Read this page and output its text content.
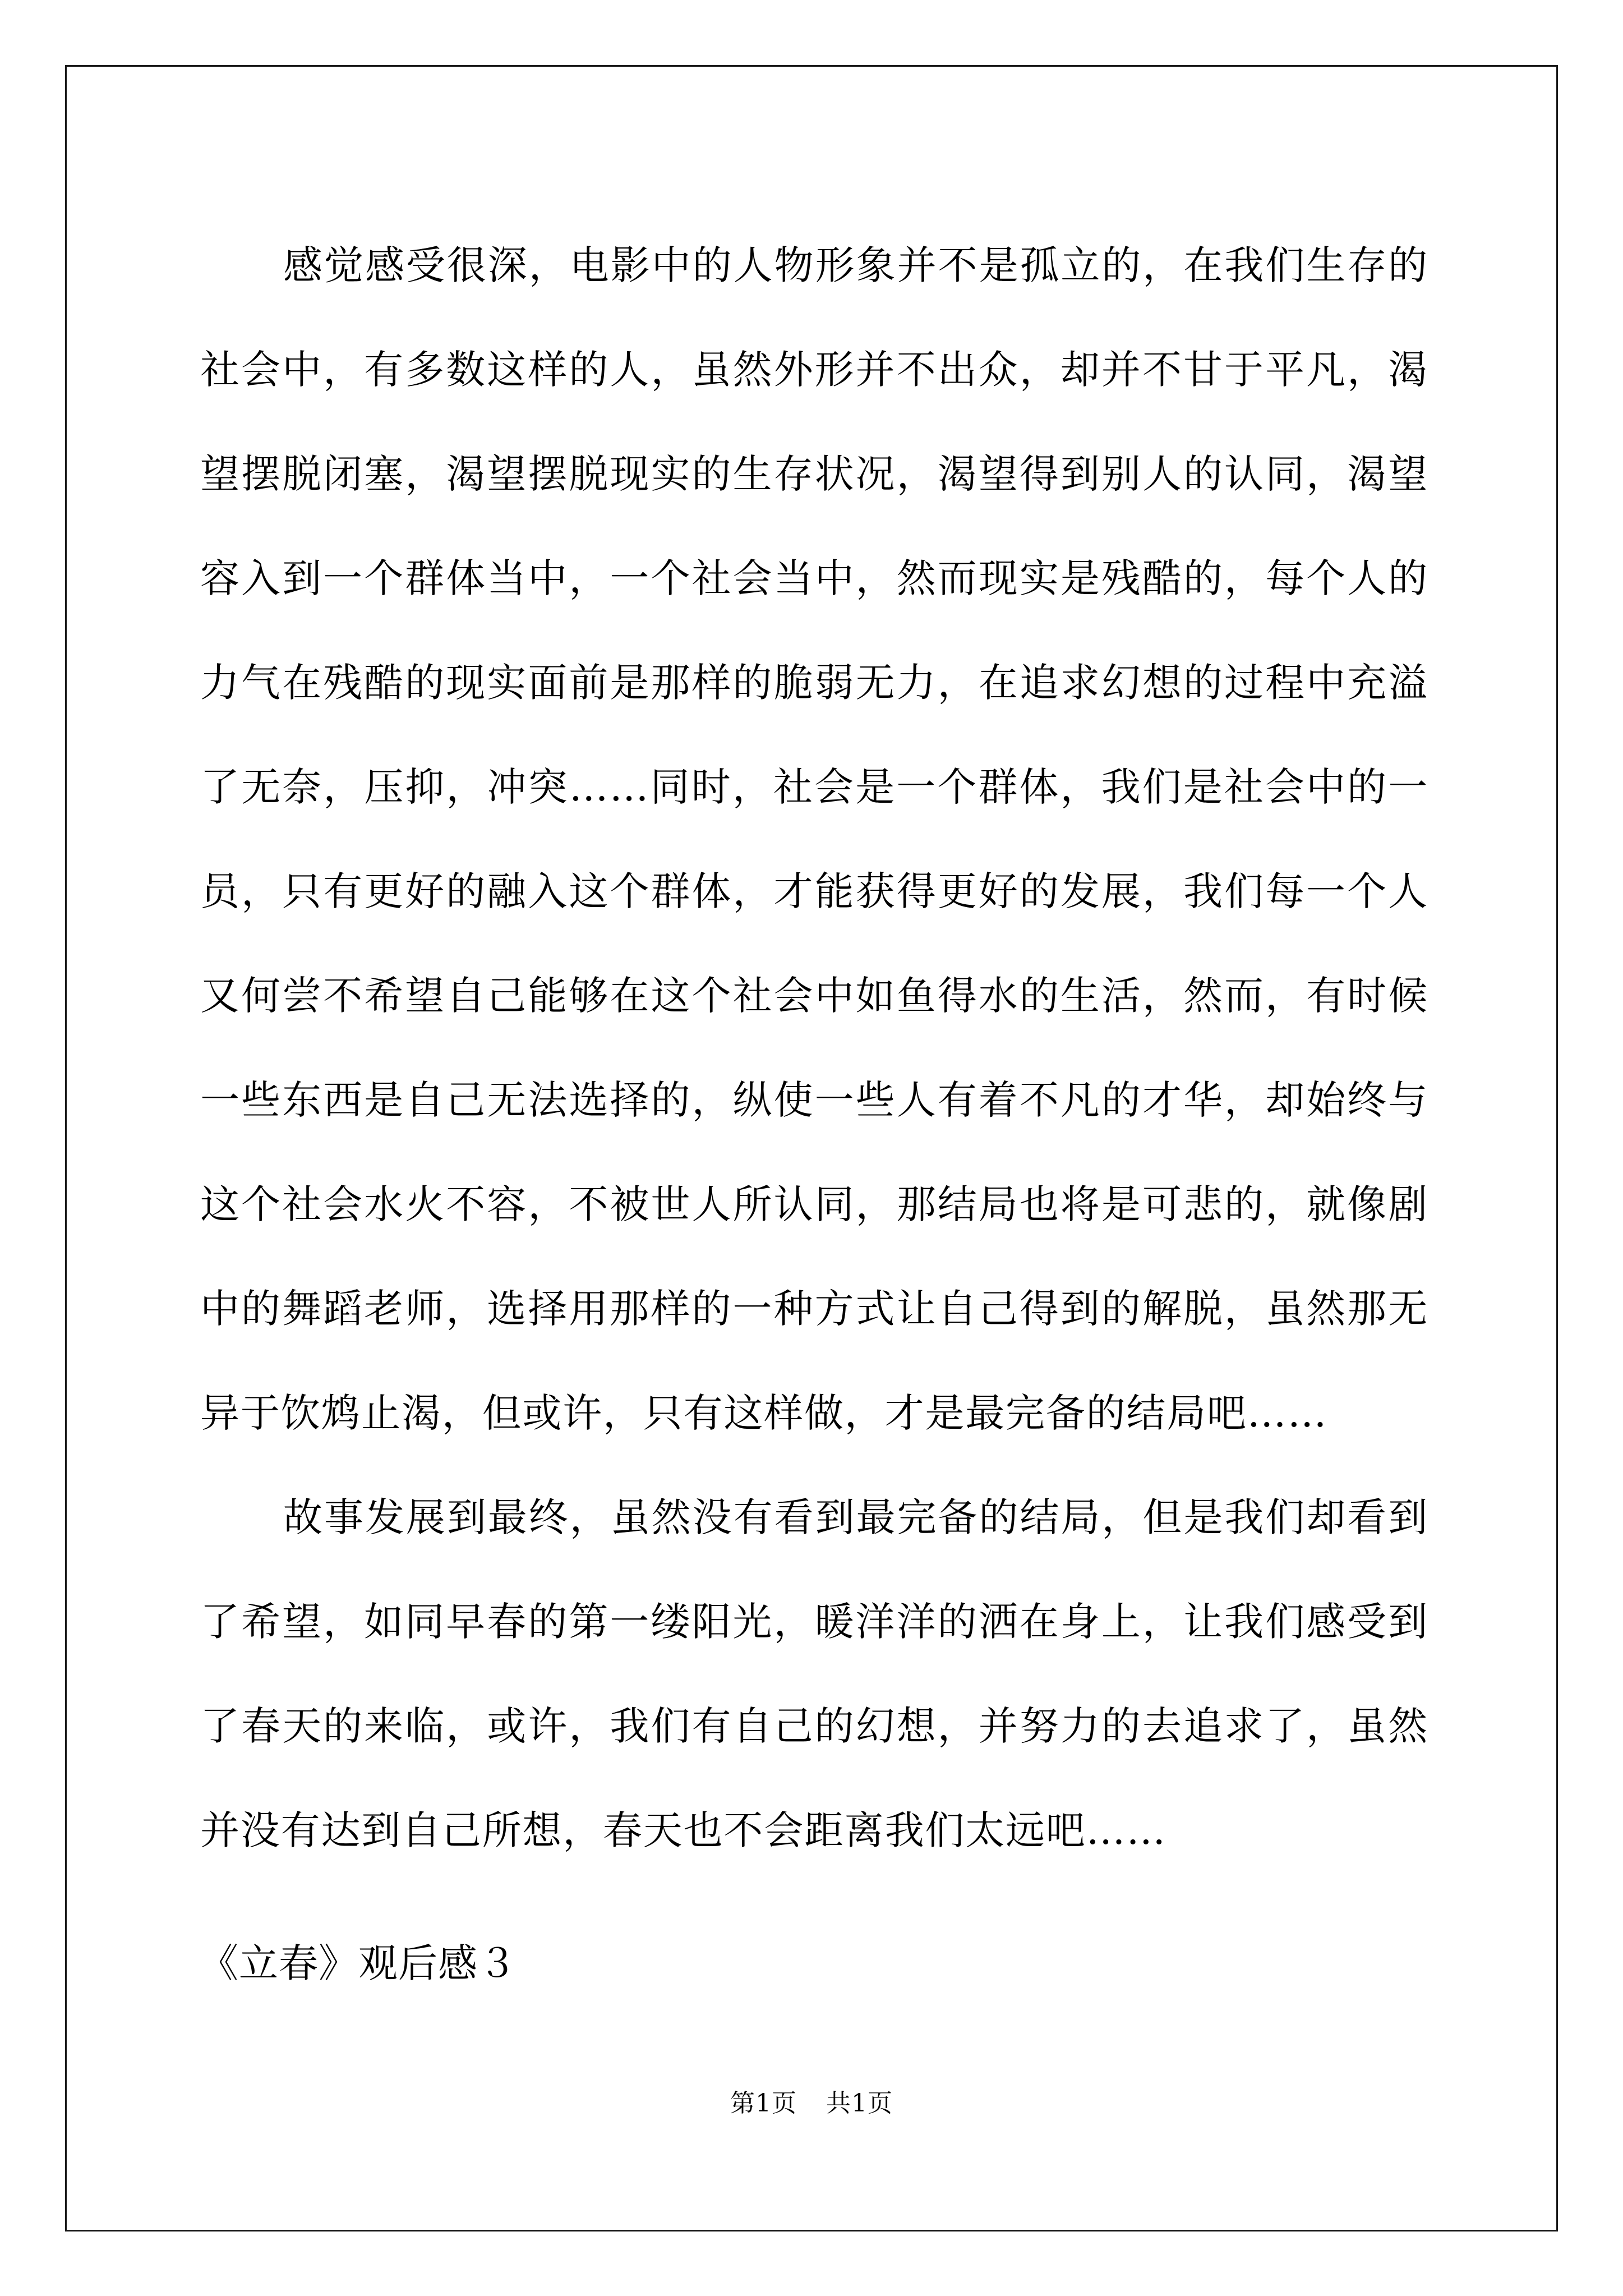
感觉感受很深，电影中的人物形象并不是孤立的，在我们生存的社会中，有多数这样的人，虽然外形并不出众，却并不甘于平凡，渴望摆脱闭塞，渴望摆脱现实的生存状况，渴望得到别人的认同，渴望容入到一个群体当中，一个社会当中，然而现实是残酷的，每个人的力气在残酷的现实面前是那样的脆弱无力，在追求幻想的过程中充溢了无奈，压抑，冲突……同时，社会是一个群体，我们是社会中的一员，只有更好的融入这个群体，才能获得更好的发展，我们每一个人又何尝不希望自己能够在这个社会中如鱼得水的生活，然而，有时候一些东西是自己无法选择的，纵使一些人有着不凡的才华，却始终与这个社会水火不容，不被世人所认同，那结局也将是可悲的，就像剧中的舞蹈老师，选择用那样的一种方式让自己得到的解脱，虽然那无异于饮鸩止渴，但或许，只有这样做，才是最完备的结局吧……

故事发展到最终，虽然没有看到最完备的结局，但是我们却看到了希望，如同早春的第一缕阳光，暖洋洋的洒在身上，让我们感受到了春天的来临，或许，我们有自己的幻想，并努力的去追求了，虽然并没有达到自己所想，春天也不会距离我们太远吧……

《立春》观后感３
第1页 共1页
